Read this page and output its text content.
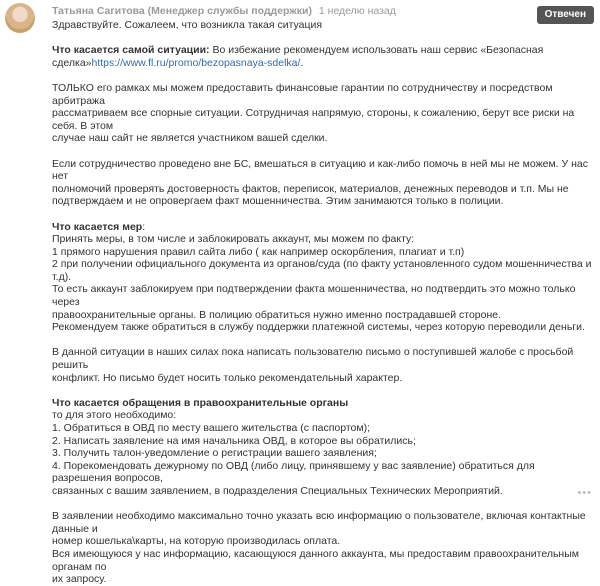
Татьяна Сагитова (Менеджер службы поддержки) 1 неделю назад	Отвечен
Здравствуйте. Сожалеем, что возникла такая ситуация
Что касается самой ситуации: Во избежание рекомендуем использовать наш сервис «Безопасная
сделка»https://www.fl.ru/promo/bezopasnaya-sdelka/.
ТОЛЬКО его рамках мы можем предоставить финансовые гарантии по сотрудничеству и посредством арбитража
рассматриваем все спорные ситуации. Сотрудничая напрямую, стороны, к сожалению, берут все риски на себя. В этом
случае наш сайт не является участником вашей сделки.
Если сотрудничество проведено вне БС, вмешаться в ситуацию и как-либо помочь в ней мы не можем. У нас нет
полномочий проверять достоверность фактов, переписок, материалов, денежных переводов и т.п. Мы не
подтверждаем и не опровергаем факт мошенничества. Этим занимаются только в полиции.
Что касается мер:
Принять меры, в том числе и заблокировать аккаунт, мы можем по факту:
1 прямого нарушения правил сайта либо ( как например оскорбления, плагиат и т.п)
2 при получении официального документа из органов/суда (по факту установленного судом мошенничества и т.д).
То есть аккаунт заблокируем при подтверждении факта мошенничества, но подтвердить это можно только через
правоохранительные органы. В полицию обратиться нужно именно пострадавшей стороне.
Рекомендуем также обратиться в службу поддержки платежной системы, через которую переводили деньги.
В данной ситуации в наших силах пока написать пользователю письмо о поступившей жалобе с просьбой решить
конфликт. Но письмо будет носить только рекомендательный характер.
Что касается обращения в правоохранительные органы
то для этого необходимо:
1. Обратиться в ОВД по месту вашего жительства (с паспортом);
2. Написать заявление на имя начальника ОВД, в которое вы обратились;
3. Получить талон-уведомление о регистрации вашего заявления;
4. Порекомендовать дежурному по ОВД (либо лицу, принявшему у вас заявление) обратиться для разрешения вопросов,
связанных с вашим заявлением, в подразделения Специальных Технических Мероприятий.
В заявлении необходимо максимально точно указать всю информацию о пользователе, включая контактные данные и
номер кошелька\карты, на которую производилась оплата.
Вся имеющуюся у нас информацию, касающуюся данного аккаунта, мы предоставим правоохранительным органам по
их запросу.
•••
